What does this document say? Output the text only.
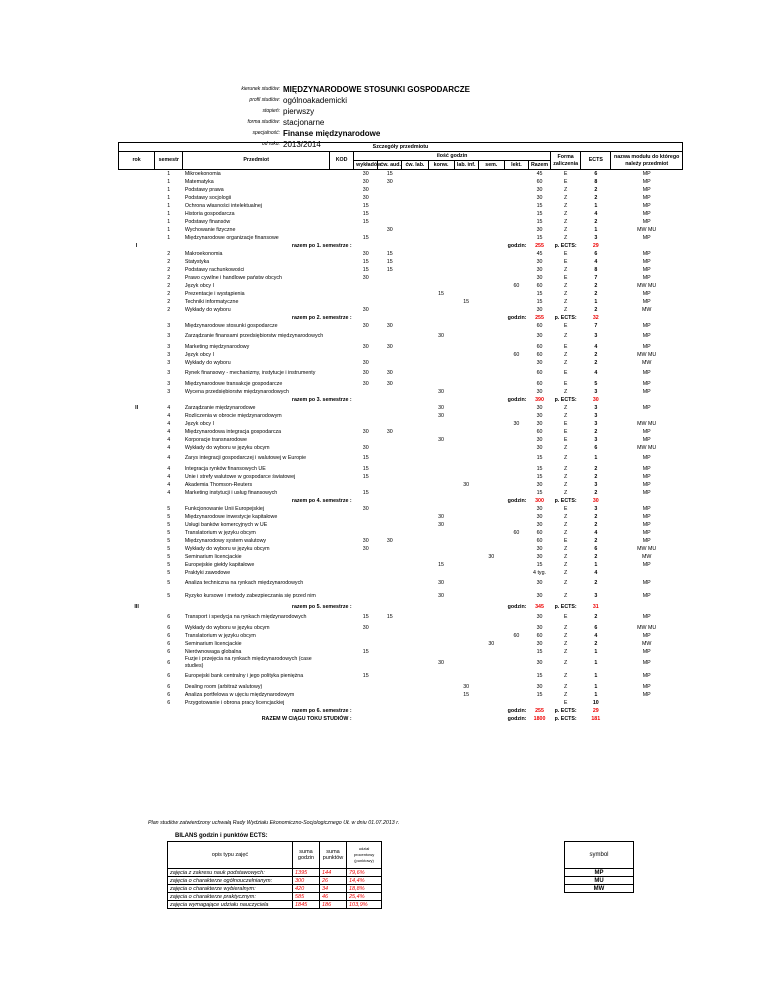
kierunek studiów: MIĘDZYNARODOWE STOSUNKI GOSPODARCZE
profil studiów: ogólnoakademicki
stopień: pierwszy
forma studiów: stacjonarne
specjalność: Finanse międzynarodowe
od roku: 2013/2014	Szczegóły przedmiotu														
rok	semestr	Przedmiot	KOD	ilość godzin								Forma zaliczenia	ECTS	nazwa modułu do którego należy przedmiot
				wykładów	ćw. aud.	ćw. lab.	konw.	lab. inf.	sem.	lekt.	Razem			
	1	Mikroekonomia		30	15						45	E	6	MP
	1	Matematyka		30	30						60	E	8	MP
	1	Podstawy prawa		30							30	Z	2	MP
	1	Podstawy socjologii		30							30	Z	2	MP
	1	Ochrona własności intelektualnej		15							15	Z	1	MP
	1	Historia gospodarcza		15							15	Z	4	MP
	1	Podstawy finansów		15							15	Z	2	MP
	1	Wychowanie fizyczne			30						30	Z	1	MW MU
	1	Międzynarodowe organizacje finansowe		15							15	Z	3	MP
I	razem po 1. semestrze :									godzin:	255	p. ECTS:	29	
	2	Makroekonomia		30	15						45	E	6	MP
	2	Statystyka		15	15						30	E	4	MP
	2	Podstawy rachunkowości		15	15						30	Z	8	MP
	2	Prawo cywilne i handlowe państw obcych		30							30	E	7	MP
	2	Język obcy I								60	60	Z	2	MW MU
	2	Prezentacje i wystąpienia					15				15	Z	2	MP
	2	Techniki informatyczne						15			15	Z	1	MP
	2	Wykłady do wyboru		30							30	Z	2	MW
	razem po 2. semestrze :									godzin:	255	p. ECTS:	32	
	3	Międzynarodowe stosunki gospodarcze		30	30						60	E	7	MP
	3	Zarządzanie finansami przedsiębiorstw międzynarodowych					30				30	Z	3	MP
	3	Marketing międzynarodowy		30	30						60	E	4	MP
	3	Język obcy I								60	60	Z	2	MW MU
	3	Wykłady do wyboru		30							30	Z	2	MW
	3	Rynek finansowy - mechanizmy, instytucje i instrumenty		30	30						60	E	4	MP
	3	Międzynarodowe transakcje gospodarcze		30	30						60	E	5	MP
	3	Wycena przedsiębiorstw międzynarodowych					30				30	Z	3	MP
	razem po 3. semestrze :									godzin:	390	p. ECTS:	30	
II	4	Zarządzanie międzynarodowe					30				30	Z	3	MP
	4	Rozliczenia w obrocie międzynarodowym					30				30	Z	3	
	4	Język obcy I								30	30	E	3	MW MU
	4	Międzynarodowa integracja gospodarcza		30	30						60	E	2	MP
	4	Korporacje transnarodowe					30				30	E	3	MP
	4	Wykłady do wyboru w języku obcym		30							30	Z	6	MW MU
	4	Zarys integracji gospodarczej i walutowej w Europie		15							15	Z	1	MP
	4	Integracja rynków finansowych UE		15							15	Z	2	MP
	4	Unie i strefy walutowe w gospodarce światowej		15							15	Z	2	MP
	4	Akademia Thomson-Reuters						30			30	Z	3	MP
	4	Marketing instytucji i usług finansowych		15							15	Z	2	MP
	razem po 4. semestrze :									godzin:	300	p. ECTS:	30	
	5	Funkcjonowanie Unii Europejskiej		30							30	E	3	MP
	5	Międzynarodowe inwestycje kapitałowe					30				30	Z	2	MP
	5	Usługi banków komercyjnych w UE					30				30	Z	2	MP
	5	Translatorium w języku obcym								60	60	Z	4	MP
	5	Międzynarodowy system walutowy		30	30						60	E	2	MP
	5	Wykłady do wyboru w języku obcym		30							30	Z	6	MW MU
	5	Seminarium licencjackie							30		30	Z	2	MW
	5	Europejskie giełdy kapitałowe					15				15	Z	1	MP
	5	Praktyki zawodowe									4 tyg.	Z	4	
	5	Analiza techniczna na rynkach międzynarodowych					30				30	Z	2	MP
	5	Ryzyko kursowe i metody zabezpieczania się przed nim					30				30	Z	3	MP
III	razem po 5. semestrze :									godzin:	345	p. ECTS:	31	
	6	Transport i spedycja na rynkach międzynarodowych		15	15						30	E	2	MP
	6	Wykłady do wyboru w języku obcym		30							30	Z	6	MW MU
	6	Translatorium w języku obcym								60	60	Z	4	MP
	6	Seminarium licencjackie							30		30	Z	2	MW
	6	Nierównowaga globalna		15							15	Z	1	MP
	6	Fuzje i przejęcia na rynkach międzynarodowych (case studies)					30				30	Z	1	MP
	6	Europejski bank centralny i jego polityka pieniężna		15							15	Z	1	MP
	6	Dealing room (arbitraż walutowy)						30			30	Z	1	MP
	6	Analiza portfelowa w ujęciu międzynarodowym						15			15	Z	1	MP
	6	Przygotowanie i obrona pracy licencjackiej										E	10	
	razem po 6. semestrze :									godzin:	255	p. ECTS:	29	
	RAZEM W CIĄGU TOKU STUDIÓW :									godzin:	1800	p. ECTS:	181	
Plan studiów zatwierdzony uchwałą Rady Wydziału Ekonomiczno-Socjologicznego UŁ w dniu 01.07.2013 r.
BILANS godzin i punktów ECTS:
opis typu zajęć	suma godzin	suma punktów	udział procentowy (punktowy)
zajęcia z zakresu nauk podstawowych:	1395	144	79,6%
zajęcia o charakterze ogólnouczelnianym:	300	26	14,4%
zajęcia o charakterze wybieralnym:	420	34	18,8%
zajęcia o charakterze praktycznym:	585	46	25,4%
zajęcia wymagające udziału nauczyciela	1845	186	103,9%
symbol
MP
MU
MW
